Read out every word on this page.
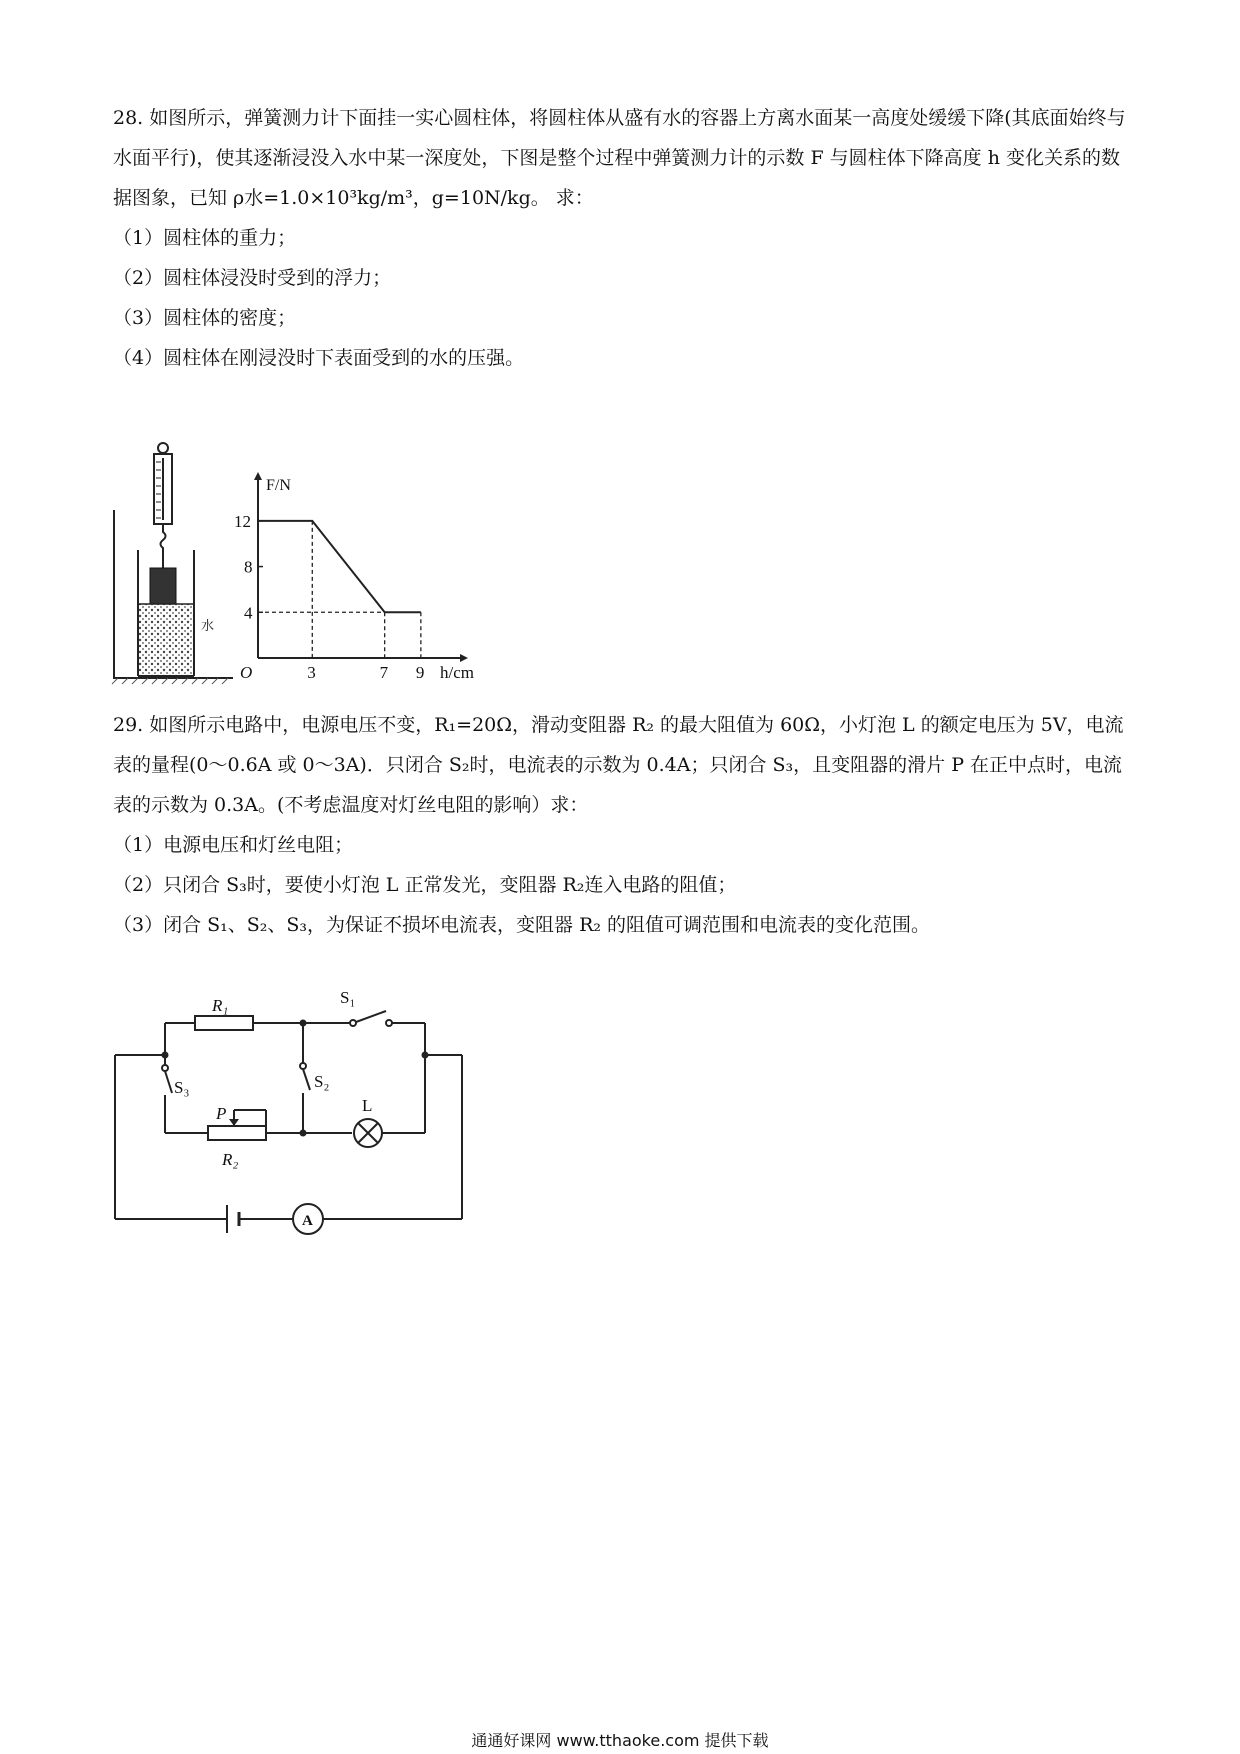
28. 如图所示，弹簧测力计下面挂一实心圆柱体，将圆柱体从盛有水的容器上方离水面某一高度处缓缓下降(其底面始终与水面平行)，使其逐渐浸没入水中某一深度处，下图是整个过程中弹簧测力计的示数 F 与圆柱体下降高度 h 变化关系的数据图象，已知 ρ水=1.0×10³kg/m³，g=10N/kg。 求：

（1）圆柱体的重力；
（2）圆柱体浸没时受到的浮力；
（3）圆柱体的密度；
（4）圆柱体在刚浸没时下表面受到的水的压强。
水
3	7 9
12
8
4
O	h/cm
F/N

29. 如图所示电路中，电源电压不变，R₁=20Ω，滑动变阻器 R₂ 的最大阻值为 60Ω，小灯泡 L 的额定电压为 5V，电流表的量程(0～0.6A 或 0～3A)．只闭合 S₂时，电流表的示数为 0.4A；只闭合 S₃，且变阻器的滑片 P 在正中点时，电流表的示数为 0.3A。(不考虑温度对灯丝电阻的影响）求：

（1）电源电压和灯丝电阻；
（2）只闭合 S₃时，要使小灯泡 L 正常发光，变阻器 R₂连入电路的阻值；
（3）闭合 S₁、S₂、S₃，为保证不损坏电流表，变阻器 R₂ 的阻值可调范围和电流表的变化范围。
R₁
R₂
P
S₁
S₂
S₃
L
A
通通好课网 www.tthaoke.com 提供下载
